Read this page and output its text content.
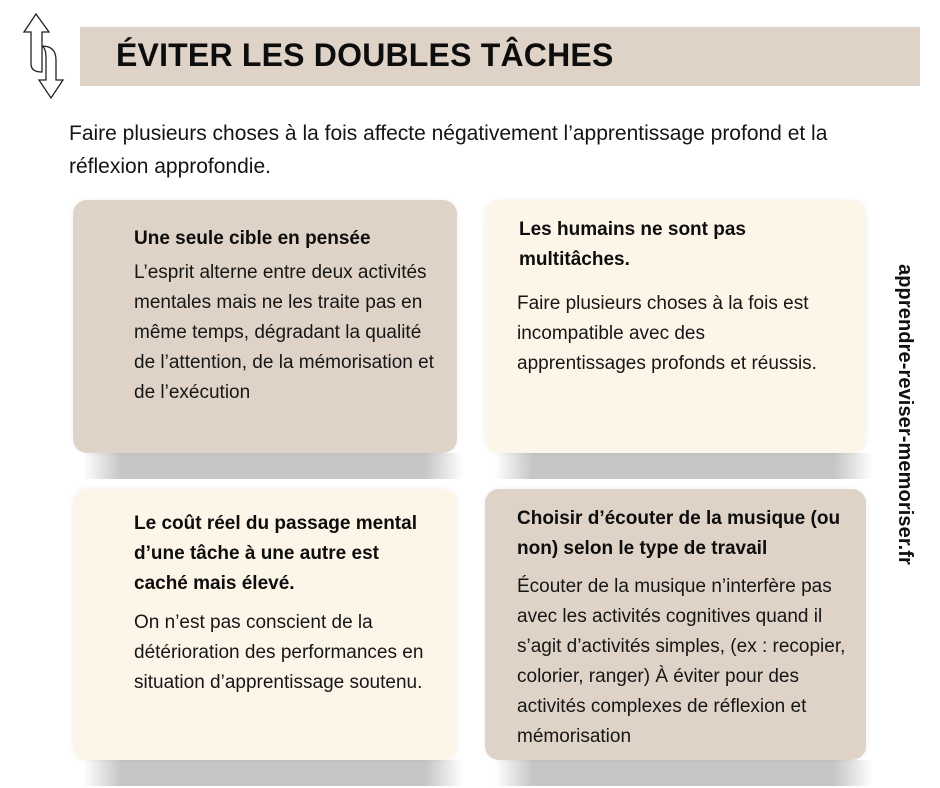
ÉVITER LES DOUBLES TÂCHES
Faire plusieurs choses à la fois affecte négativement l’apprentissage profond et la réflexion approfondie.
apprendre-reviser-memoriser.fr
Une seule cible en pensée
L’esprit alterne entre deux activités mentales mais ne les traite pas en même temps, dégradant la qualité de l’attention, de la mémorisation et de l’exécution
Les humains ne sont pas multitâches.
Faire plusieurs choses à la fois est incompatible avec des apprentissages profonds et réussis.
Le coût réel du passage mental d’une tâche à une autre est caché mais élevé.
On n’est pas conscient de la détérioration des performances en situation d’apprentissage soutenu.
Choisir d’écouter de la musique (ou non) selon le type de travail
Écouter de la musique n’interfère pas avec les activités cognitives quand il s’agit d’activités simples, (ex : recopier, colorier, ranger) À éviter pour des activités complexes de réflexion et mémorisation
